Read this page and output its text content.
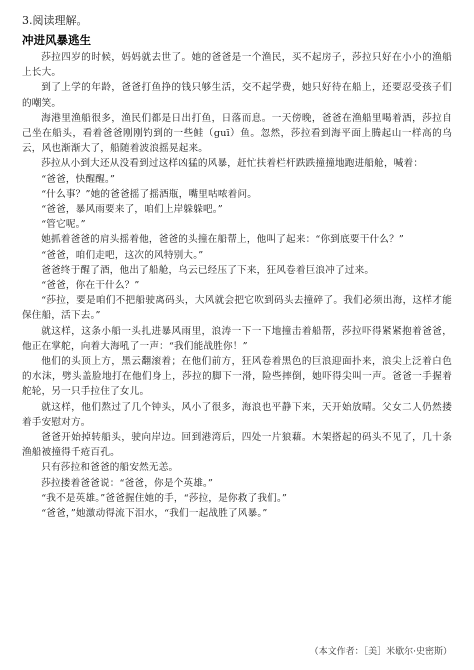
3.阅读理解。
冲进风暴逃生

莎拉四岁的时候，妈妈就去世了。她的爸爸是一个渔民，买不起房子，莎拉只好在小小的渔船上长大。

到了上学的年龄，爸爸打鱼挣的钱只够生活，交不起学费，她只好待在船上，还要忍受孩子们的嘲笑。

海港里渔船很多，渔民们都是日出打鱼，日落而息。一天傍晚，爸爸在渔船里喝着酒，莎拉自己坐在船头，看着爸爸刚刚钓到的一些鲑（guī）鱼。忽然，莎拉看到海平面上腾起山一样高的乌云，风也渐渐大了，船随着波浪摇晃起来。

莎拉从小到大还从没看到过这样凶猛的风暴，赶忙扶着栏杆跌跌撞撞地跑进船舱，喊着：

“爸爸，快醒醒。”

“什么事？”她的爸爸摇了摇酒瓶，嘴里咕哝着问。

“爸爸，暴风雨要来了，咱们上岸躲躲吧。”

“管它呢。”

她抓着爸爸的肩头摇着他，爸爸的头撞在船帮上，他叫了起来：“你到底要干什么？”

“爸爸，咱们走吧，这次的风特别大。”

爸爸终于醒了酒，他出了船舱，乌云已经压了下来，狂风卷着巨浪冲了过来。

“爸爸，你在干什么？”

“莎拉，要是咱们不把船驶离码头，大风就会把它吹到码头去撞碎了。我们必须出海，这样才能保住船，活下去。”

就这样，这条小船一头扎进暴风雨里，浪涛一下一下地撞击着船帮，莎拉吓得紧紧抱着爸爸，他正在掌舵，向着大海吼了一声：“我们能战胜你！”

他们的头顶上方，黑云翻滚着；在他们前方，狂风卷着黑色的巨浪迎面扑来，浪尖上泛着白色的水沫，劈头盖脸地打在他们身上，莎拉的脚下一滑，险些摔倒，她吓得尖叫一声。爸爸一手握着舵轮，另一只手拉住了女儿。

就这样，他们熬过了几个钟头，风小了很多，海浪也平静下来，天开始放晴。父女二人仍然搂着手安慰对方。

爸爸开始掉转船头，驶向岸边。回到港湾后，四处一片狼藉。木架搭起的码头不见了，几十条渔船被撞得千疮百孔。

只有莎拉和爸爸的船安然无恙。

莎拉搂着爸爸说：“爸爸，你是个英雄。”

“我不是英雄。”爸爸握住她的手，“莎拉，是你救了我们。”

“爸爸，”她激动得流下泪水，“我们一起战胜了风暴。”

（本文作者：［美］米歇尔·史密斯）
